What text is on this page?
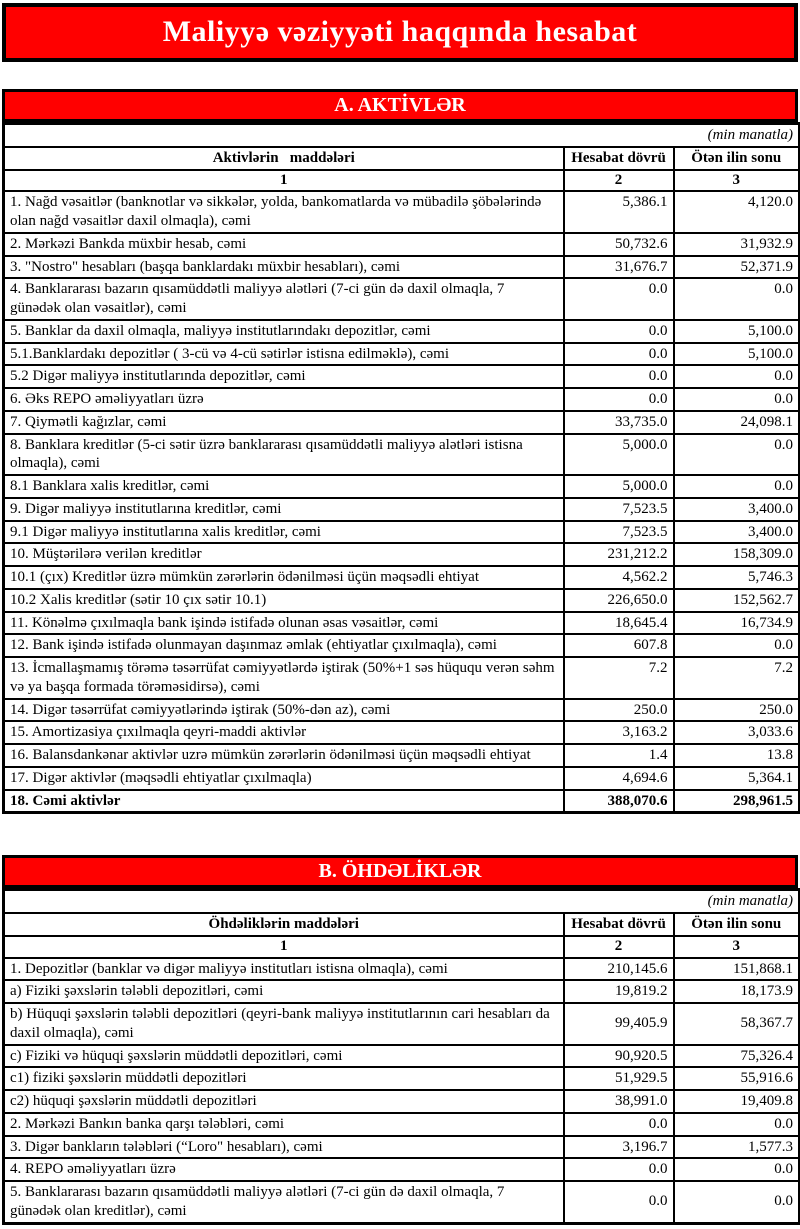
Maliyyə vəziyyəti haqqında hesabat
A. AKTİVLƏR
(min manatla)		
Aktivlərin   maddələri	Hesabat dövrü	Ötən ilin sonu
1	2	3
1. Nağd vəsaitlər (banknotlar və sikkələr, yolda, bankomatlarda və mübadilə şöbələrində olan nağd vəsaitlər daxil olmaqla), cəmi	5,386.1	4,120.0
2. Mərkəzi Bankda müxbir hesab, cəmi	50,732.6	31,932.9
3. "Nostro" hesabları (başqa banklardakı müxbir hesabları), cəmi	31,676.7	52,371.9
4. Banklararası bazarın qısamüddətli maliyyə alətləri (7-ci gün də daxil olmaqla, 7 günədək olan vəsaitlər), cəmi	0.0	0.0
5. Banklar da daxil olmaqla, maliyyə institutlarındakı depozitlər, cəmi	0.0	5,100.0
5.1.Banklardakı depozitlər ( 3-cü və 4-cü sətirlər istisna edilməklə), cəmi	0.0	5,100.0
5.2 Digər maliyyə institutlarında depozitlər, cəmi	0.0	0.0
6. Əks REPO əməliyyatları üzrə	0.0	0.0
7. Qiymətli kağızlar, cəmi	33,735.0	24,098.1
8. Banklara kreditlər (5-ci sətir üzrə banklararası qısamüddətli maliyyə alətləri istisna olmaqla), cəmi	5,000.0	0.0
8.1 Banklara xalis kreditlər, cəmi	5,000.0	0.0
9. Digər maliyyə institutlarına kreditlər, cəmi	7,523.5	3,400.0
9.1 Digər maliyyə institutlarına xalis kreditlər, cəmi	7,523.5	3,400.0
10. Müştərilərə verilən kreditlər	231,212.2	158,309.0
10.1 (çıx) Kreditlər üzrə mümkün zərərlərin ödənilməsi üçün məqsədli ehtiyat	4,562.2	5,746.3
10.2 Xalis kreditlər (sətir 10 çıx sətir 10.1)	226,650.0	152,562.7
11. Könəlmə çıxılmaqla bank işində istifadə olunan əsas vəsaitlər, cəmi	18,645.4	16,734.9
12. Bank işində istifadə olunmayan daşınmaz əmlak (ehtiyatlar çıxılmaqla), cəmi	607.8	0.0
13. İcmallaşmamış törəmə təsərrüfat cəmiyyətlərdə iştirak (50%+1 səs hüququ verən səhm və ya başqa formada törəməsidirsə), cəmi	7.2	7.2
14. Digər təsərrüfat cəmiyyətlərində iştirak (50%-dən az), cəmi	250.0	250.0
15. Amortizasiya çıxılmaqla qeyri-maddi aktivlər	3,163.2	3,033.6
16. Balansdankənar aktivlər uzrə mümkün zərərlərin ödənilməsi üçün məqsədli ehtiyat	1.4	13.8
17. Digər aktivlər (məqsədli ehtiyatlar çıxılmaqla)	4,694.6	5,364.1
18. Cəmi aktivlər	388,070.6	298,961.5
B. ÖHDƏLİKLƏR
(min manatla)		
Öhdəliklərin maddələri	Hesabat dövrü	Ötən ilin sonu
1	2	3
1. Depozitlər (banklar və digər maliyyə institutları istisna olmaqla), cəmi	210,145.6	151,868.1
a) Fiziki şəxslərin tələbli depozitləri, cəmi	19,819.2	18,173.9
b) Hüquqi şəxslərin tələbli depozitləri (qeyri-bank maliyyə institutlarının cari hesabları da daxil olmaqla), cəmi	99,405.9	58,367.7
c) Fiziki və hüquqi şəxslərin müddətli depozitləri, cəmi	90,920.5	75,326.4
c1) fiziki şəxslərin müddətli depozitləri	51,929.5	55,916.6
c2) hüquqi şəxslərin müddətli depozitləri	38,991.0	19,409.8
2. Mərkəzi Bankın banka qarşı tələbləri, cəmi	0.0	0.0
3. Digər bankların tələbləri (“Loro" hesabları), cəmi	3,196.7	1,577.3
4. REPO əməliyyatları üzrə	0.0	0.0
5. Banklararası bazarın qısamüddətli maliyyə alətləri (7-ci gün də daxil olmaqla, 7 günədək olan kreditlər), cəmi	0.0	0.0
